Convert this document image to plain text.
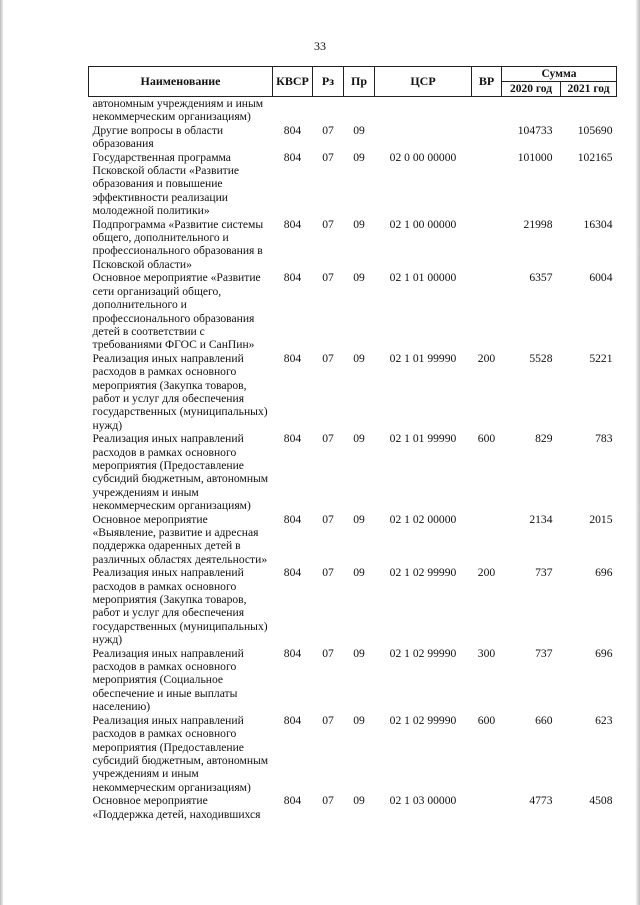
33
Наименование	КВСР	Рз	Пр	ЦСР	ВР	Сумма	
						2020 год	2021 год
автономным учреждениям и иным некоммерческим организациям)							
Другие вопросы в области образования	804	07	09			104733	105690
Государственная программа Псковской области «Развитие образования и повышение эффективности реализации молодежной политики»	804	07	09	02 0 00 00000		101000	102165
Подпрограмма «Развитие системы общего, дополнительного и профессионального образования в Псковской области»	804	07	09	02 1 00 00000		21998	16304
Основное мероприятие «Развитие сети организаций общего, дополнительного и профессионального образования детей в соответствии с требованиями ФГОС и СанПин»	804	07	09	02 1 01 00000		6357	6004
Реализация иных направлений расходов в рамках основного мероприятия (Закупка товаров, работ и услуг для обеспечения государственных (муниципальных) нужд)	804	07	09	02 1 01 99990	200	5528	5221
Реализация иных направлений расходов в рамках основного мероприятия (Предоставление субсидий бюджетным, автономным учреждениям и иным некоммерческим организациям)	804	07	09	02 1 01 99990	600	829	783
Основное мероприятие «Выявление, развитие и адресная поддержка одаренных детей в различных областях деятельности»	804	07	09	02 1 02 00000		2134	2015
Реализация иных направлений расходов в рамках основного мероприятия (Закупка товаров, работ и услуг для обеспечения государственных (муниципальных) нужд)	804	07	09	02 1 02 99990	200	737	696
Реализация иных направлений расходов в рамках основного мероприятия (Социальное обеспечение и иные выплаты населению)	804	07	09	02 1 02 99990	300	737	696
Реализация иных направлений расходов в рамках основного мероприятия (Предоставление субсидий бюджетным, автономным учреждениям и иным некоммерческим организациям)	804	07	09	02 1 02 99990	600	660	623
Основное мероприятие «Поддержка детей, находившихся	804	07	09	02 1 03 00000		4773	4508
